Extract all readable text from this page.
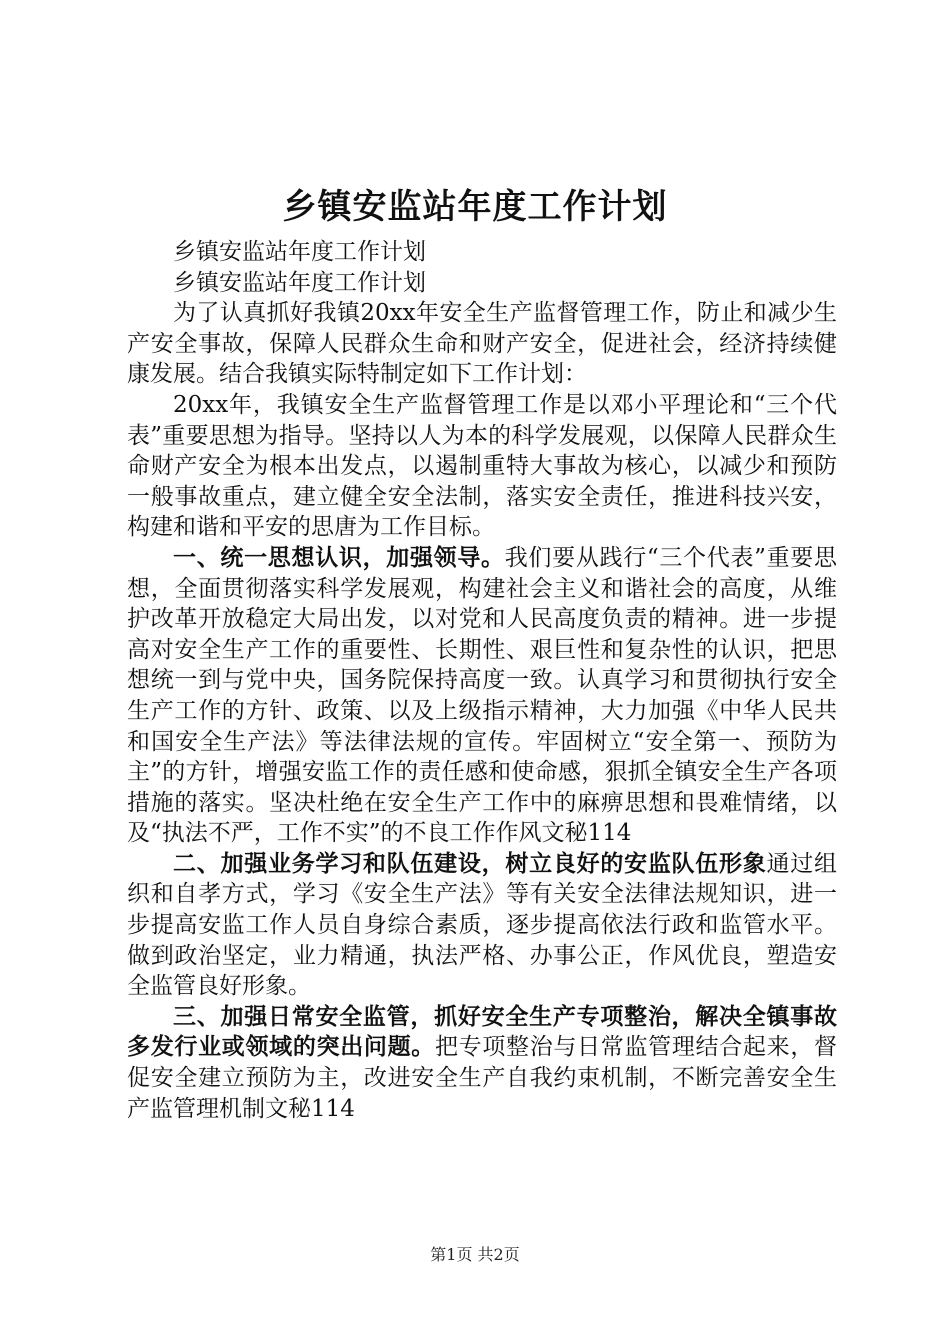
乡镇安监站年度工作计划

乡镇安监站年度工作计划

乡镇安监站年度工作计划

为了认真抓好我镇20xx年安全生产监督管理工作，防止和减少生产安全事故，保障人民群众生命和财产安全，促进社会，经济持续健康发展。结合我镇实际特制定如下工作计划：

20xx年，我镇安全生产监督管理工作是以邓小平理论和“三个代表”重要思想为指导。坚持以人为本的科学发展观，以保障人民群众生命财产安全为根本出发点，以遏制重特大事故为核心，以减少和预防一般事故重点，建立健全安全法制，落实安全责任，推进科技兴安，构建和谐和平安的思唐为工作目标。

一、统一思想认识，加强领导。我们要从践行“三个代表”重要思想，全面贯彻落实科学发展观，构建社会主义和谐社会的高度，从维护改革开放稳定大局出发，以对党和人民高度负责的精神。进一步提高对安全生产工作的重要性、长期性、艰巨性和复杂性的认识，把思想统一到与党中央，国务院保持高度一致。认真学习和贯彻执行安全生产工作的方针、政策、以及上级指示精神，大力加强《中华人民共和国安全生产法》等法律法规的宣传。牢固树立“安全第一、预防为主”的方针，增强安监工作的责任感和使命感，狠抓全镇安全生产各项措施的落实。坚决杜绝在安全生产工作中的麻痹思想和畏难情绪，以及“执法不严，工作不实”的不良工作作风文秘114

二、加强业务学习和队伍建设，树立良好的安监队伍形象通过组织和自孝方式，学习《安全生产法》等有关安全法律法规知识，进一步提高安监工作人员自身综合素质，逐步提高依法行政和监管水平。做到政治坚定，业力精通，执法严格、办事公正，作风优良，塑造安全监管良好形象。

三、加强日常安全监管，抓好安全生产专项整治，解决全镇事故多发行业或领域的突出问题。把专项整治与日常监管理结合起来，督促安全建立预防为主，改进安全生产自我约束机制，不断完善安全生产监管理机制文秘114

第1页 共2页
